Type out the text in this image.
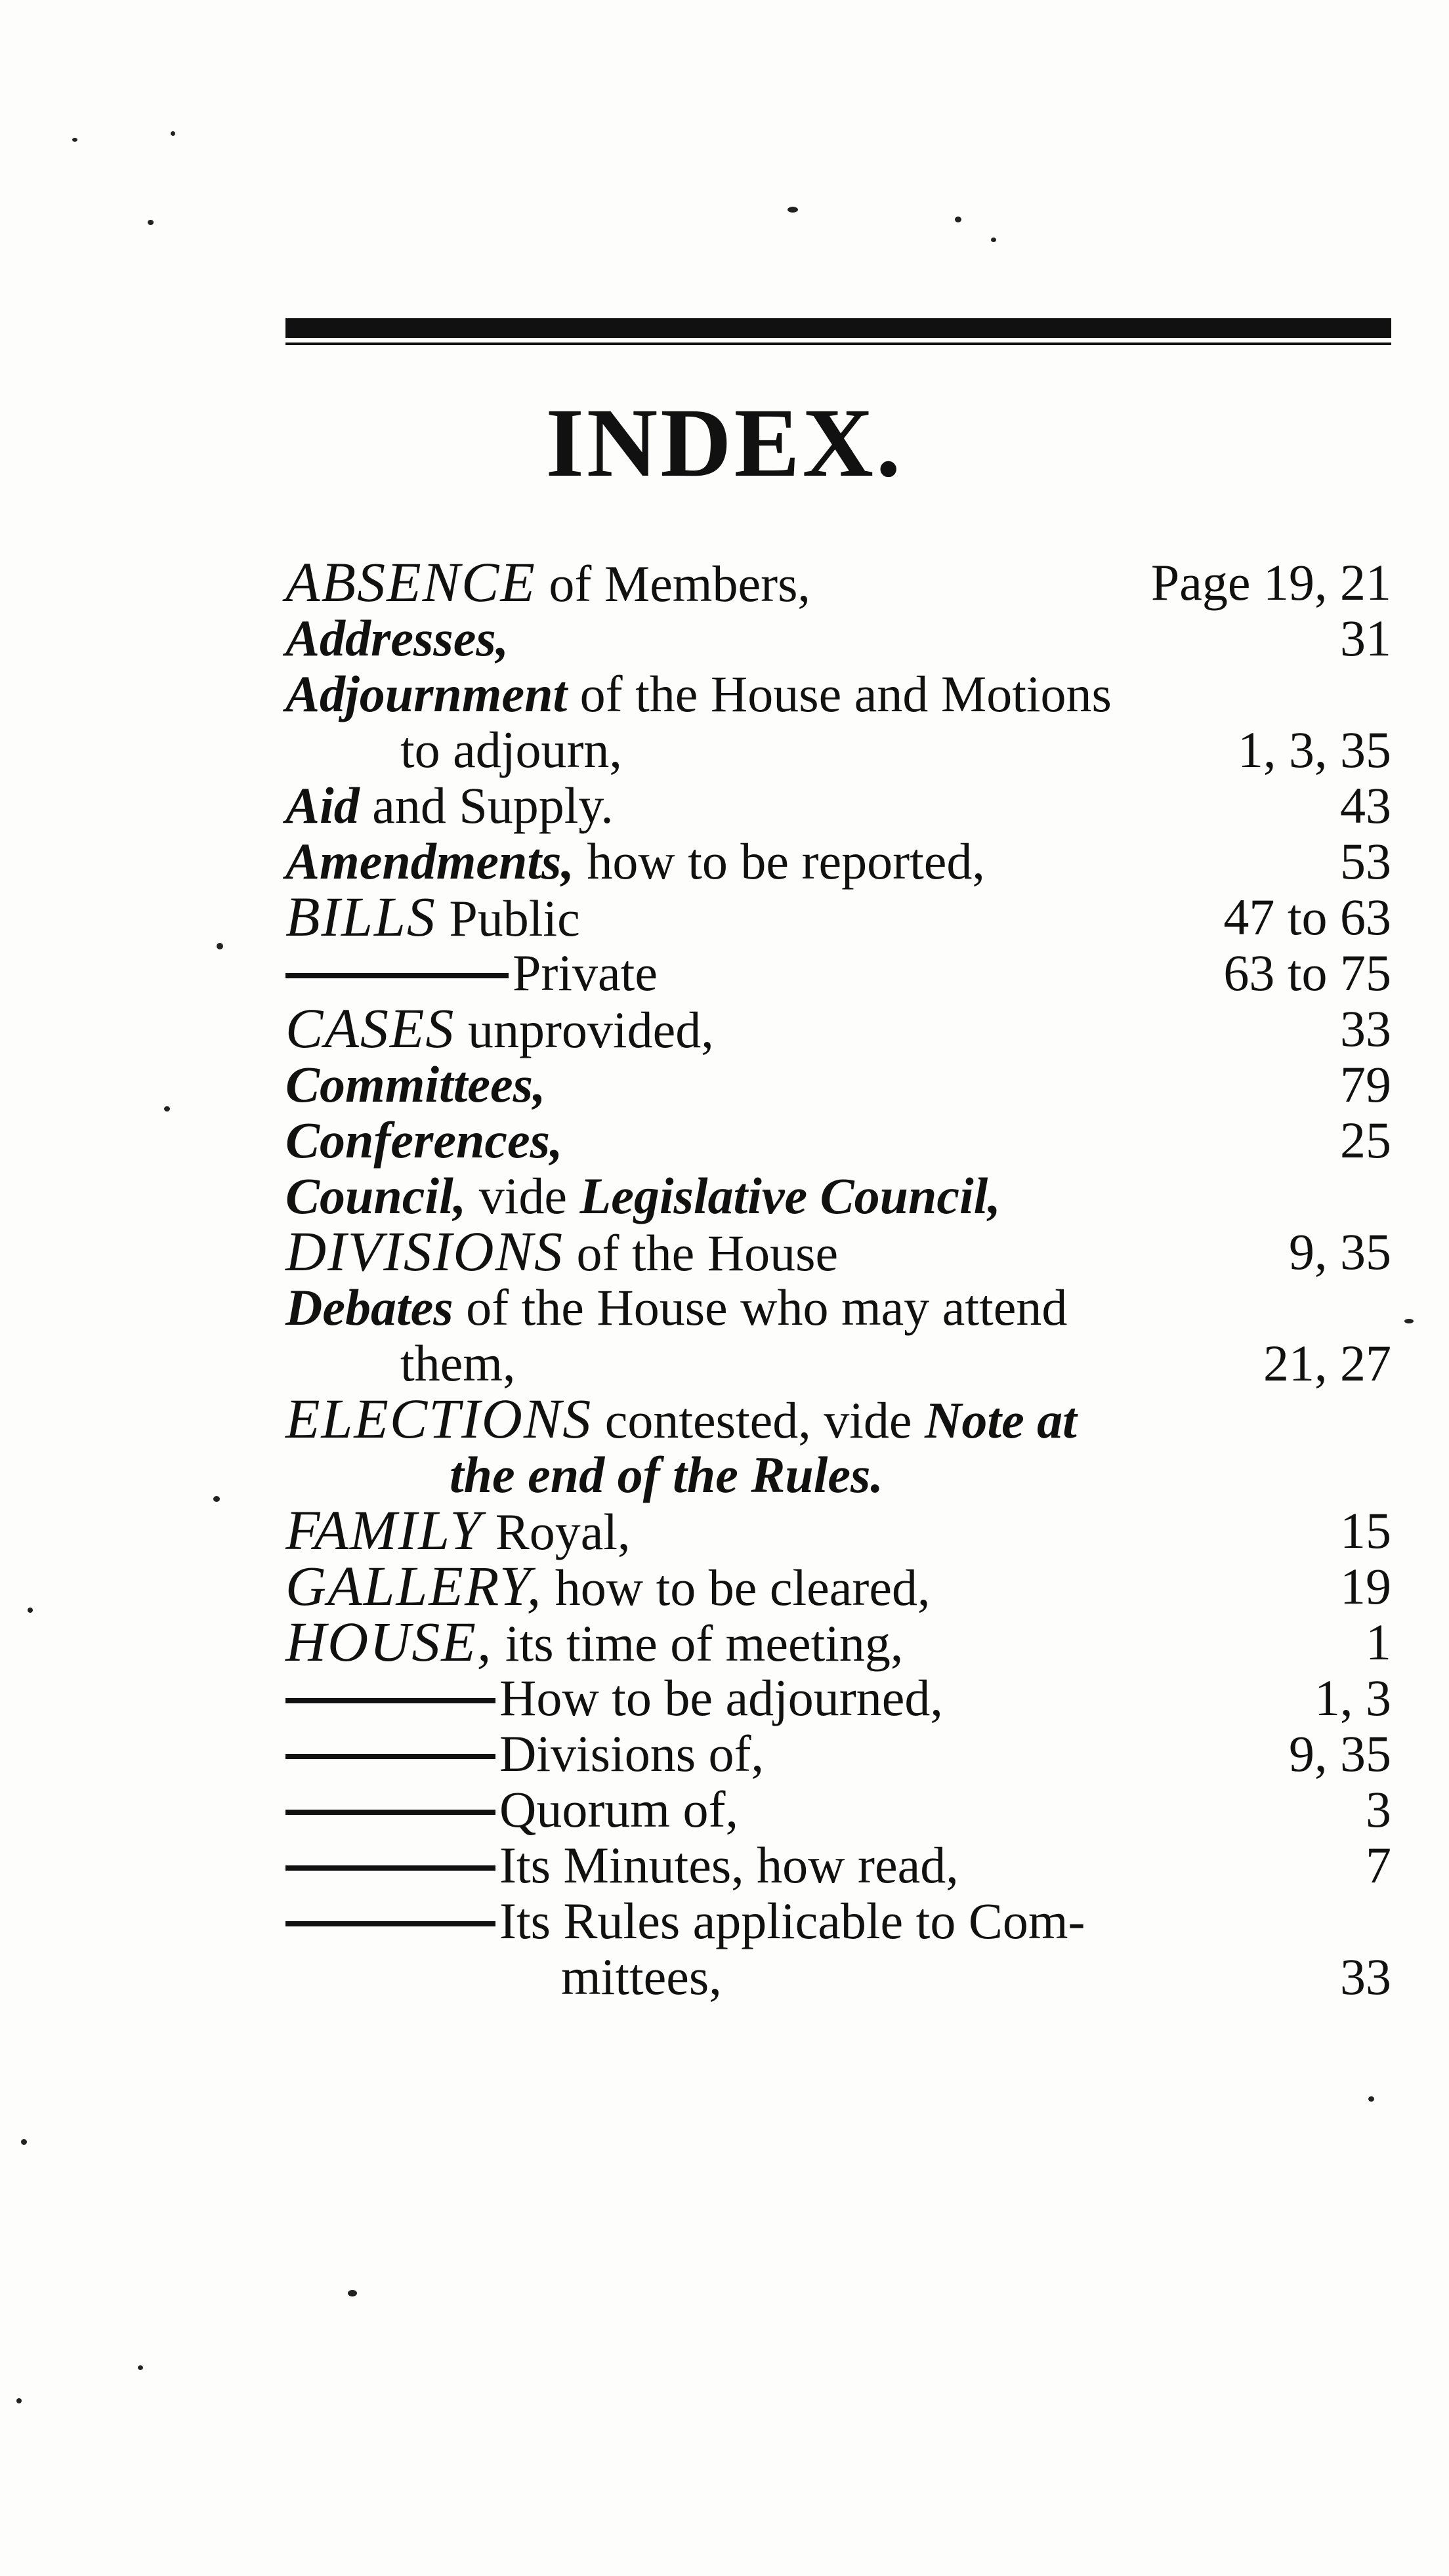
INDEX.
ABSENCE of Members,	Page 19, 21
Addresses,	31
Adjournment of the House and Motions
to adjourn,	1, 3, 35
Aid and Supply.	43
Amendments, how to be reported,	53
BILLS Public	47 to 63
Private	63 to 75
CASES unprovided,	33
Committees,	79
Conferences,	25
Council, vide Legislative Council,
DIVISIONS of the House	9, 35
Debates of the House who may attend
them,	21, 27
ELECTIONS contested, vide Note at
the end of the Rules.
FAMILY Royal,	15
GALLERY, how to be cleared,	19
HOUSE, its time of meeting,	1
How to be adjourned,	1, 3
Divisions of,	9, 35
Quorum of,	3
Its Minutes, how read,	7
Its Rules applicable to Com-
mittees,	33
